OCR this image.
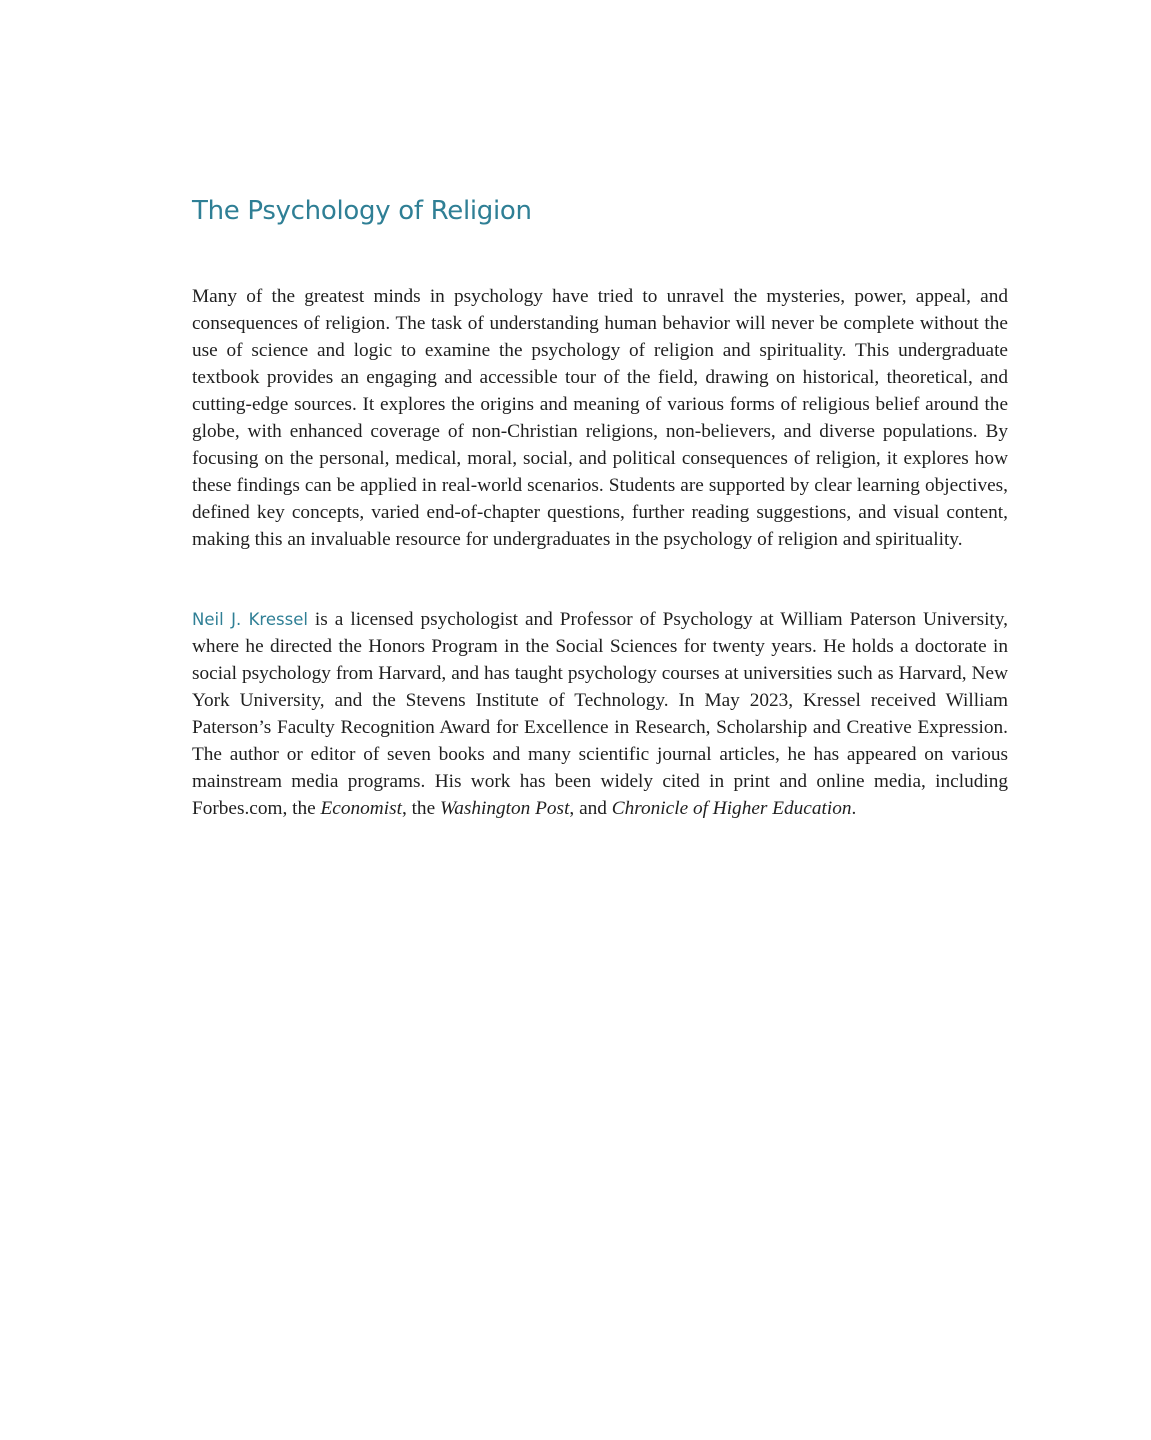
The Psychology of Religion

Many of the greatest minds in psychology have tried to unravel the mysteries, power, appeal, and consequences of religion. The task of understanding human behavior will never be complete without the use of science and logic to examine the psychology of religion and spirituality. This undergraduate textbook provides an engaging and accessible tour of the field, drawing on historical, theoretical, and cutting-edge sources. It explores the origins and meaning of various forms of religious belief around the globe, with enhanced coverage of non-Christian religions, non-believers, and diverse populations. By focusing on the personal, medical, moral, social, and political consequences of religion, it explores how these findings can be applied in real-world scenarios. Students are supported by clear learning objectives, defined key concepts, varied end-of-chapter questions, further reading suggestions, and visual content, making this an invaluable resource for undergraduates in the psychology of religion and spirituality.

Neil J. Kressel is a licensed psychologist and Professor of Psychology at William Paterson University, where he directed the Honors Program in the Social Sciences for twenty years. He holds a doctorate in social psychology from Harvard, and has taught psychology courses at universities such as Harvard, New York University, and the Stevens Institute of Technology. In May 2023, Kressel received William Paterson’s Faculty Recognition Award for Excellence in Research, Scholarship and Creative Expression. The author or editor of seven books and many scientific journal articles, he has appeared on various mainstream media programs. His work has been widely cited in print and online media, including Forbes.com, the Economist, the Washington Post, and Chronicle of Higher Education.
